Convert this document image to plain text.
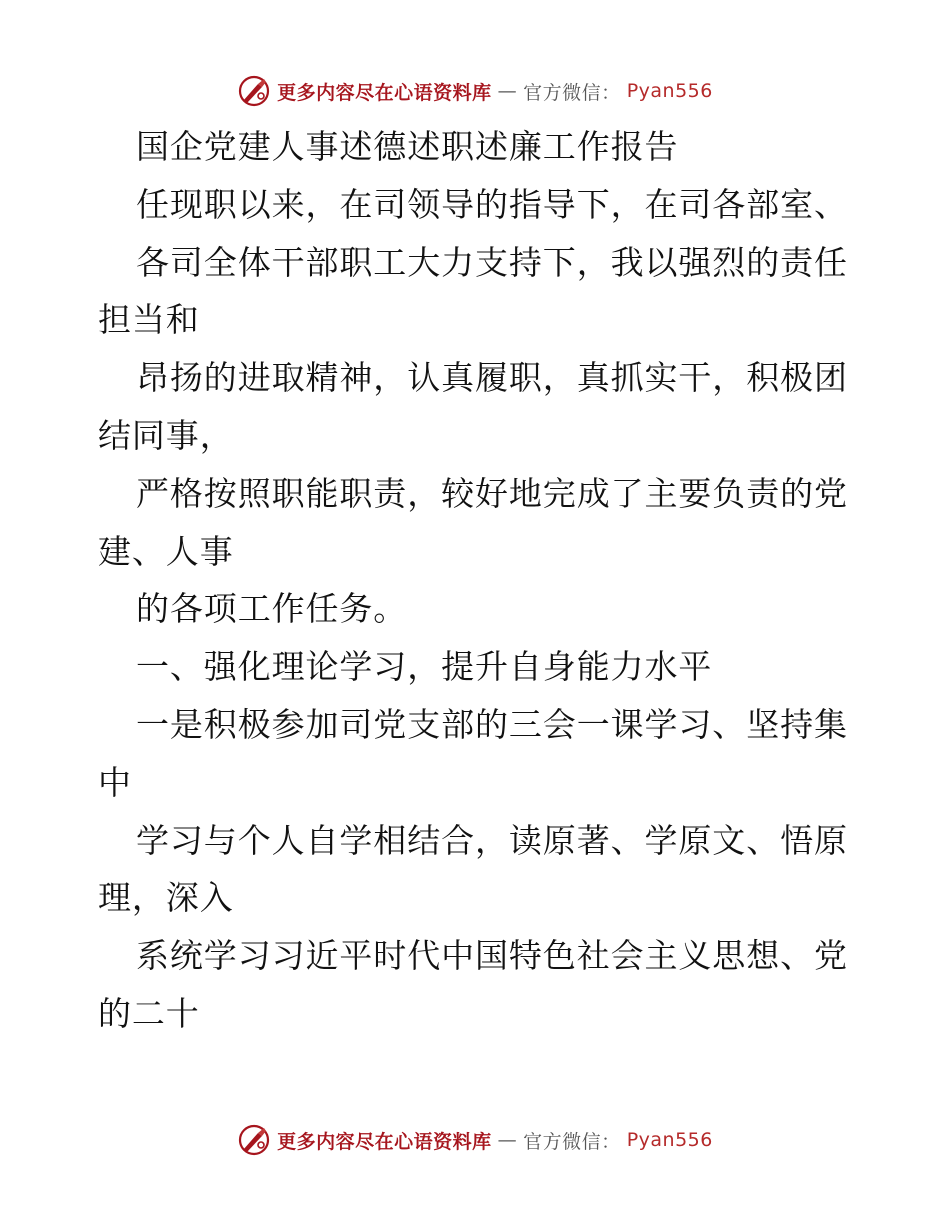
更多内容尽在心语资料库 — 官方微信： Pyan556
国企党建人事述德述职述廉工作报告
任现职以来，在司领导的指导下，在司各部室、
各司全体干部职工大力支持下，我以强烈的责任
担当和
昂扬的进取精神，认真履职，真抓实干，积极团
结同事，
严格按照职能职责，较好地完成了主要负责的党
建、人事
的各项工作任务。
一、强化理论学习，提升自身能力水平
一是积极参加司党支部的三会一课学习、坚持集
中
学习与个人自学相结合，读原著、学原文、悟原
理，深入
系统学习习近平时代中国特色社会主义思想、党
的二十
更多内容尽在心语资料库 — 官方微信： Pyan556
